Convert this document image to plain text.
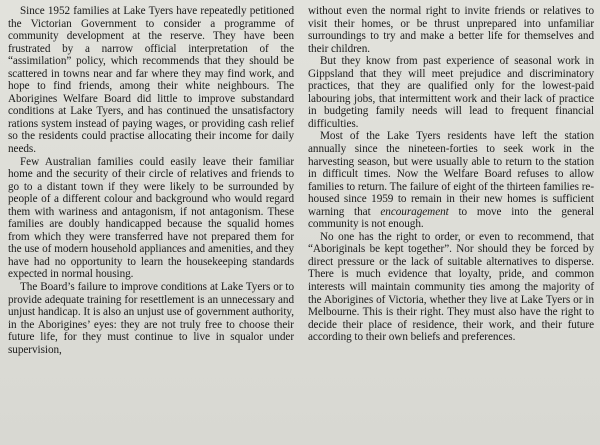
Since 1952 families at Lake Tyers have repeatedly petitioned the Victorian Government to consider a programme of community development at the reserve. They have been frustrated by a narrow official interpretation of the “assimilation” policy, which recommends that they should be scattered in towns near and far where they may find work, and hope to find friends, among their white neighbours. The Aborigines Welfare Board did little to improve substandard conditions at Lake Tyers, and has continued the unsatisfactory rations system instead of paying wages, or providing cash relief so the residents could practise allocating their income for daily needs.

Few Australian families could easily leave their familiar home and the security of their circle of relatives and friends to go to a distant town if they were likely to be surrounded by people of a different colour and background who would regard them with wariness and antagonism, if not antagonism. These families are doubly handicapped because the squalid homes from which they were transferred have not prepared them for the use of modern household appliances and amenities, and they have had no opportunity to learn the housekeeping standards expected in normal housing.

The Board’s failure to improve conditions at Lake Tyers or to provide adequate training for resettlement is an unnecessary and unjust handicap. It is also an unjust use of government authority, in the Aborigines’ eyes: they are not truly free to choose their future life, for they must continue to live in squalor under supervision,

without even the normal right to invite friends or relatives to visit their homes, or be thrust unprepared into unfamiliar surroundings to try and make a better life for themselves and their children.

But they know from past experience of seasonal work in Gippsland that they will meet prejudice and discriminatory practices, that they are qualified only for the lowest-paid labouring jobs, that intermittent work and their lack of practice in budgeting family needs will lead to frequent financial difficulties.

Most of the Lake Tyers residents have left the station annually since the nineteen-forties to seek work in the harvesting season, but were usually able to return to the station in difficult times. Now the Welfare Board refuses to allow families to return. The failure of eight of the thirteen families re-housed since 1959 to remain in their new homes is sufficient warning that encouragement to move into the general community is not enough.

No one has the right to order, or even to recommend, that “Aboriginals be kept together”. Nor should they be forced by direct pressure or the lack of suitable alternatives to disperse. There is much evidence that loyalty, pride, and common interests will maintain community ties among the majority of the Aborigines of Victoria, whether they live at Lake Tyers or in Melbourne. This is their right. They must also have the right to decide their place of residence, their work, and their future according to their own beliefs and preferences.
